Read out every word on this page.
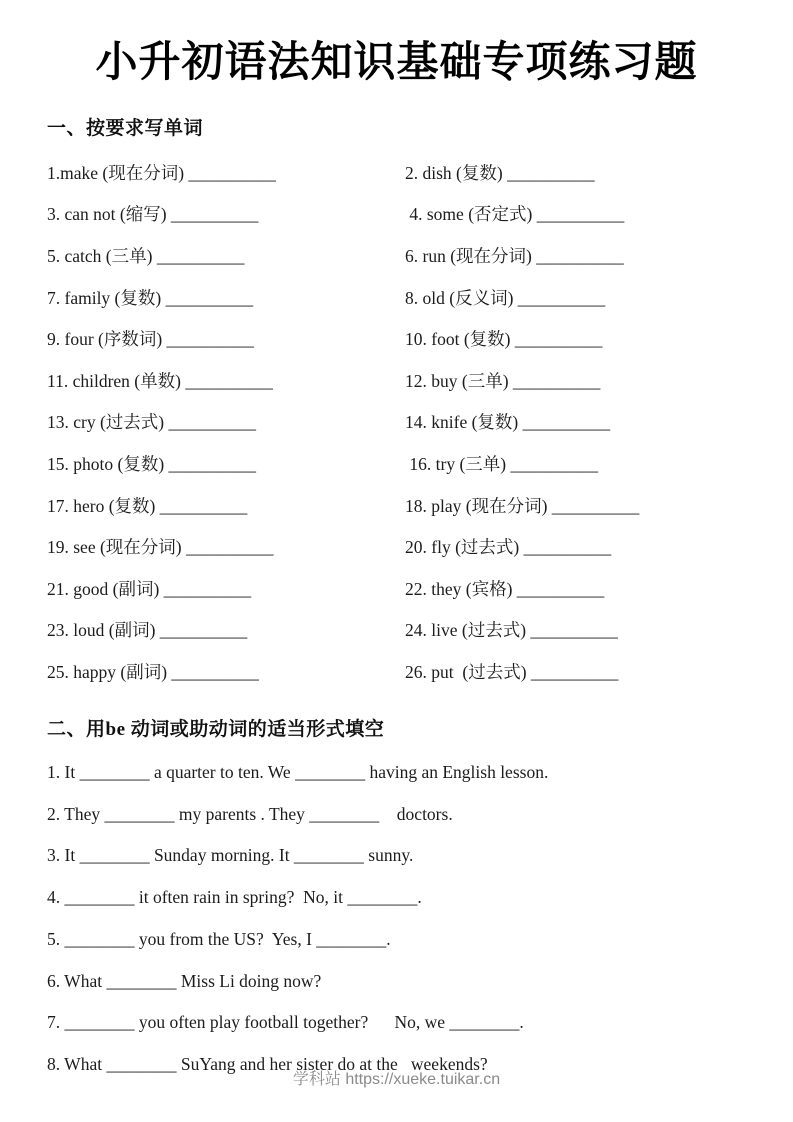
小升初语法知识基础专项练习题
一、按要求写单词
1.make (现在分词) __________	2. dish (复数) __________
3. can not (缩写) __________	4. some (否定式) __________
5. catch (三单) __________	6. run (现在分词) __________
7. family (复数) __________	8. old (反义词) __________
9. four (序数词) __________	10. foot (复数) __________
11. children (单数) __________	12. buy (三单) __________
13. cry (过去式) __________	14. knife (复数) __________
15. photo (复数) __________	16. try (三单) __________
17. hero (复数) __________	18. play (现在分词) __________
19. see (现在分词) __________	20. fly (过去式) __________
21. good (副词) __________	22. they (宾格) __________
23. loud (副词) __________	24. live (过去式) __________
25. happy (副词) __________	26. put  (过去式) __________
二、用be 动词或助动词的适当形式填空
1. It ________ a quarter to ten. We ________ having an English lesson.
2. They ________ my parents . They ________    doctors.
3. It ________ Sunday morning. It ________ sunny.
4. ________ it often rain in spring?  No, it ________.
5. ________ you from the US?  Yes, I ________.
6. What ________ Miss Li doing now?
7. ________ you often play football together?      No, we ________.
8. What ________ SuYang and her sister do at the   weekends?
学科站 https://xueke.tuikar.cn
